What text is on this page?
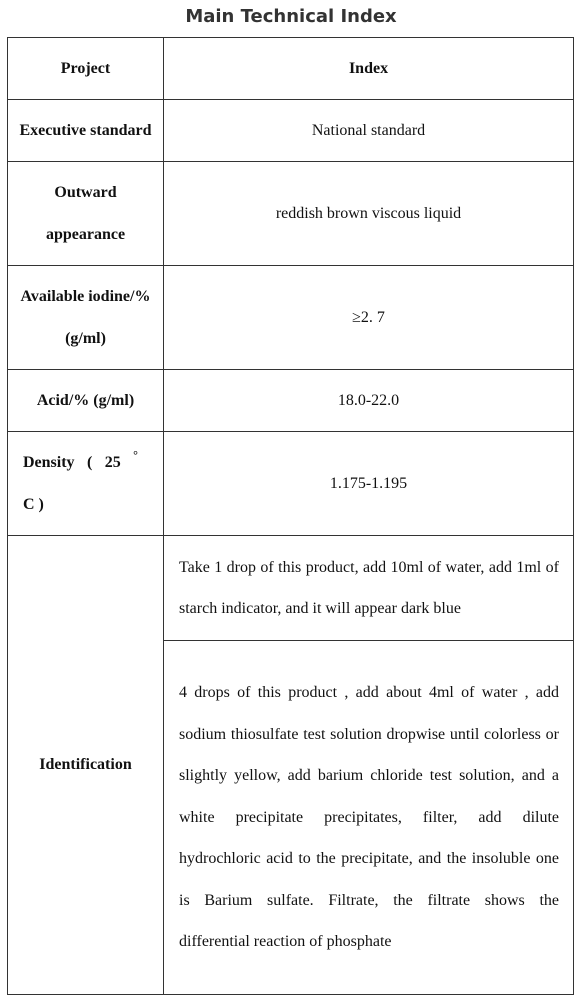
Main Technical Index
Project	Index
Executive standard	National standard

Outward
appearance	reddish brown viscous liquid

Available iodine/%
(g/ml)	≥2. 7
Acid/% (g/ml)	18.0-22.0

Density ( 25 °
C )	1.175-1.195
Identification	Take 1 drop of this product, add 10ml of water, add 1ml of starch indicator, and it will appear dark blue
	4 drops of this product , add about 4ml of water , add sodium thiosulfate test solution dropwise until colorless or slightly yellow, add barium chloride test solution, and a white precipitate precipitates, filter, add dilute hydrochloric acid to the precipitate, and the insoluble one is Barium sulfate. Filtrate, the filtrate shows the differential reaction of phosphate
